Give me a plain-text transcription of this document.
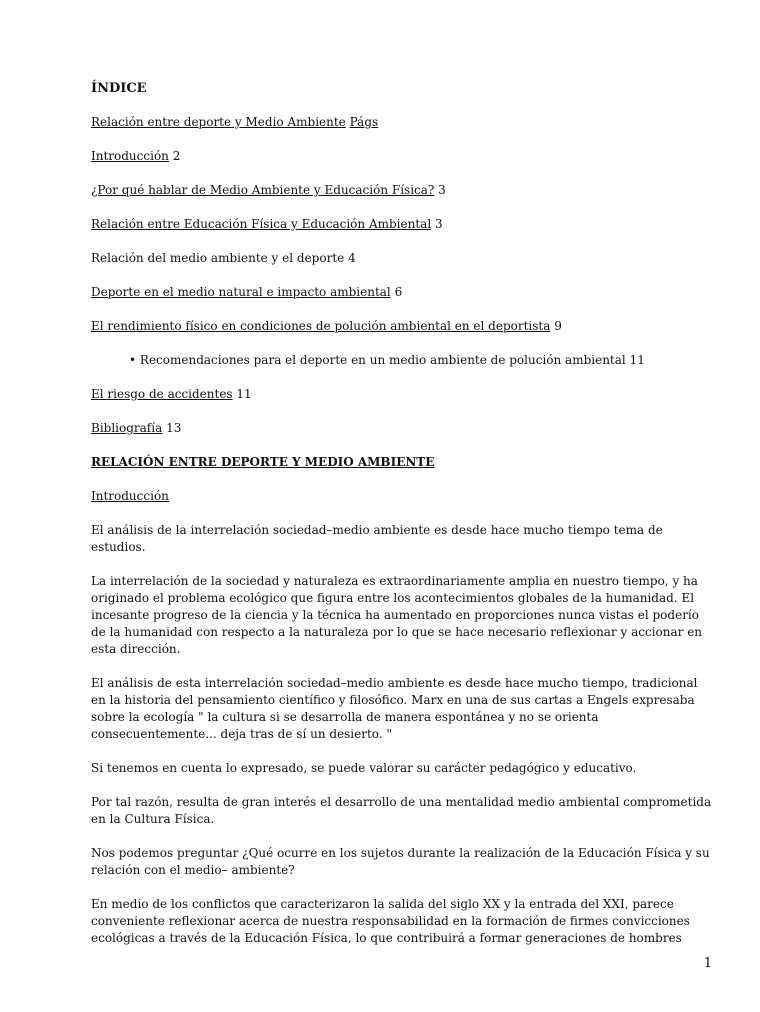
ÍNDICE
Relación entre deporte y Medio Ambiente Págs
Introducción 2
¿Por qué hablar de Medio Ambiente y Educación Física? 3
Relación entre Educación Física y Educación Ambiental 3
Relación del medio ambiente y el deporte 4
Deporte en el medio natural e impacto ambiental 6
El rendimiento físico en condiciones de polución ambiental en el deportista 9
• Recomendaciones para el deporte en un medio ambiente de polución ambiental 11
El riesgo de accidentes 11
Bibliografía 13
RELACIÓN ENTRE DEPORTE Y MEDIO AMBIENTE
Introducción

El análisis de la interrelación sociedad–medio ambiente es desde hace mucho tiempo tema de estudios.

La interrelación de la sociedad y naturaleza es extraordinariamente amplia en nuestro tiempo, y ha originado el problema ecológico que figura entre los acontecimientos globales de la humanidad. El incesante progreso de la ciencia y la técnica ha aumentado en proporciones nunca vistas el poderío de la humanidad con respecto a la naturaleza por lo que se hace necesario reflexionar y accionar en esta dirección.

El análisis de esta interrelación sociedad–medio ambiente es desde hace mucho tiempo, tradicional en la historia del pensamiento científico y filosófico. Marx en una de sus cartas a Engels expresaba sobre la ecología " la cultura si se desarrolla de manera espontánea y no se orienta consecuentemente... deja tras de sí un desierto. "

Si tenemos en cuenta lo expresado, se puede valorar su carácter pedagógico y educativo.

Por tal razón, resulta de gran interés el desarrollo de una mentalidad medio ambiental comprometida en la Cultura Física.

Nos podemos preguntar ¿Qué ocurre en los sujetos durante la realización de la Educación Física y su relación con el medio– ambiente?

En medio de los conflictos que caracterizaron la salida del siglo XX y la entrada del XXI, parece conveniente reflexionar acerca de nuestra responsabilidad en la formación de firmes convicciones ecológicas a través de la Educación Física, lo que contribuirá a formar generaciones de hombres

1
